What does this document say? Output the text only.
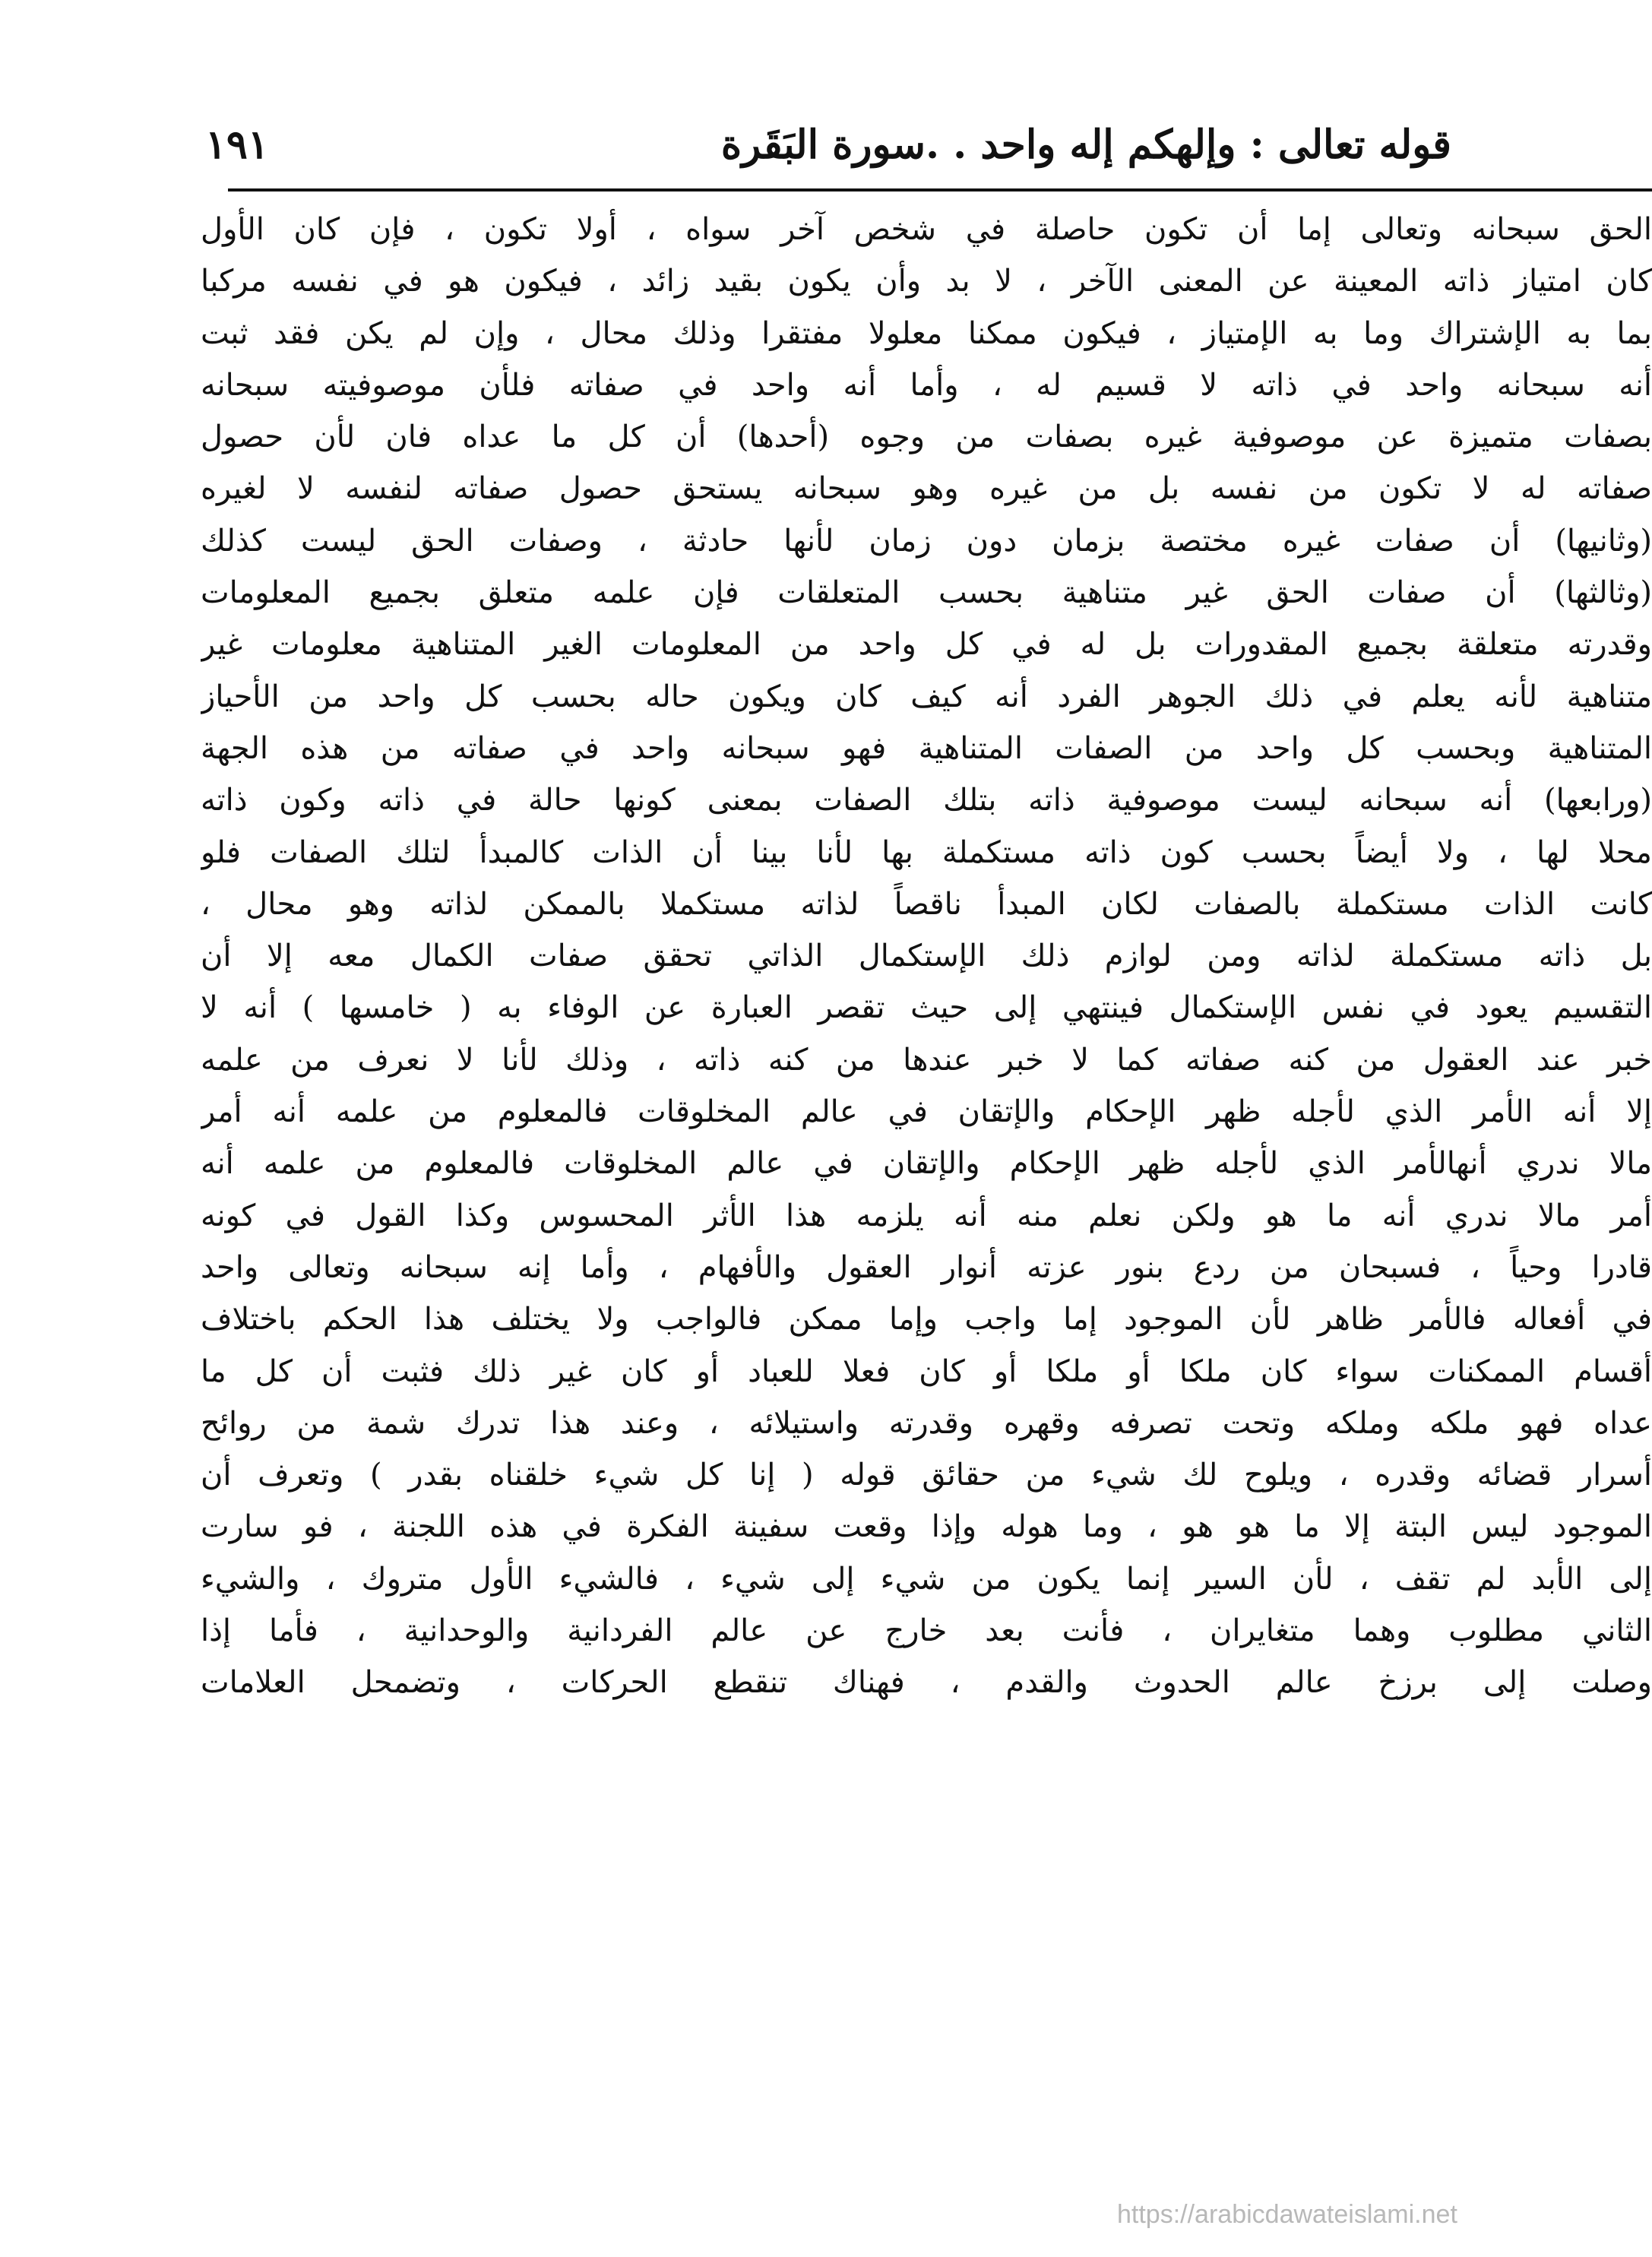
قوله تعالى : وإلهكم إله واحد . .سورة البَقَرة
١٩١
الحق سبحانه وتعالى إما أن تكون حاصلة في شخص آخر سواه ، أولا تكون ، فإن كان الأول
كان امتياز ذاته المعينة عن المعنى الآخر ، لا بد وأن يكون بقيد زائد ، فيكون هو في نفسه مركبا
بما به الإشتراك وما به الإمتياز ، فيكون ممكنا معلولا مفتقرا وذلك محال ، وإن لم يكن فقد ثبت
أنه سبحانه واحد في ذاته لا قسيم له ، وأما أنه واحد في صفاته فلأن موصوفيته سبحانه
بصفات متميزة عن موصوفية غيره بصفات من وجوه (أحدها) أن كل ما عداه فان لأن حصول
صفاته له لا تكون من نفسه بل من غيره وهو سبحانه يستحق حصول صفاته لنفسه لا لغيره
(وثانيها) أن صفات غيره مختصة بزمان دون زمان لأنها حادثة ، وصفات الحق ليست كذلك
(وثالثها) أن صفات الحق غير متناهية بحسب المتعلقات فإن علمه متعلق بجميع المعلومات
وقدرته متعلقة بجميع المقدورات بل له في كل واحد من المعلومات الغير المتناهية معلومات غير
متناهية لأنه يعلم في ذلك الجوهر الفرد أنه كيف كان ويكون حاله بحسب كل واحد من الأحياز
المتناهية وبحسب كل واحد من الصفات المتناهية فهو سبحانه واحد في صفاته من هذه الجهة
(ورابعها) أنه سبحانه ليست موصوفية ذاته بتلك الصفات بمعنى كونها حالة في ذاته وكون ذاته
محلا لها ، ولا أيضاً بحسب كون ذاته مستكملة بها لأنا بينا أن الذات كالمبدأ لتلك الصفات فلو
كانت الذات مستكملة بالصفات لكان المبدأ ناقصاً لذاته مستكملا بالممكن لذاته وهو محال ،
بل ذاته مستكملة لذاته ومن لوازم ذلك الإستكمال الذاتي تحقق صفات الكمال معه إلا أن
التقسيم يعود في نفس الإستكمال فينتهي إلى حيث تقصر العبارة عن الوفاء به ( خامسها ) أنه لا
خبر عند العقول من كنه صفاته كما لا خبر عندها من كنه ذاته ، وذلك لأنا لا نعرف من علمه
إلا أنه الأمر الذي لأجله ظهر الإحكام والإتقان في عالم المخلوقات فالمعلوم من علمه أنه أمر
مالا ندري أنهالأمر الذي لأجله ظهر الإحكام والإتقان في عالم المخلوقات فالمعلوم من علمه أنه
أمر مالا ندري أنه ما هو ولكن نعلم منه أنه يلزمه هذا الأثر المحسوس وكذا القول في كونه
قادرا وحياً ، فسبحان من ردع بنور عزته أنوار العقول والأفهام ، وأما إنه سبحانه وتعالى واحد
في أفعاله فالأمر ظاهر لأن الموجود إما واجب وإما ممكن فالواجب ولا يختلف هذا الحكم باختلاف
أقسام الممكنات سواء كان ملكا أو ملكا أو كان فعلا للعباد أو كان غير ذلك فثبت أن كل ما
عداه فهو ملكه وملكه وتحت تصرفه وقهره وقدرته واستيلائه ، وعند هذا تدرك شمة من روائح
أسرار قضائه وقدره ، ويلوح لك شيء من حقائق قوله ( إنا كل شيء خلقناه بقدر ) وتعرف أن
الموجود ليس البتة إلا ما هو هو ، وما هوله وإذا وقعت سفينة الفكرة في هذه اللجنة ، فو سارت
إلى الأبد لم تقف ، لأن السير إنما يكون من شيء إلى شيء ، فالشيء الأول متروك ، والشيء
الثاني مطلوب وهما متغايران ، فأنت بعد خارج عن عالم الفردانية والوحدانية ، فأما إذا
وصلت إلى برزخ عالم الحدوث والقدم ، فهناك تنقطع الحركات ، وتضمحل العلامات
https://arabicdawateislami.net
